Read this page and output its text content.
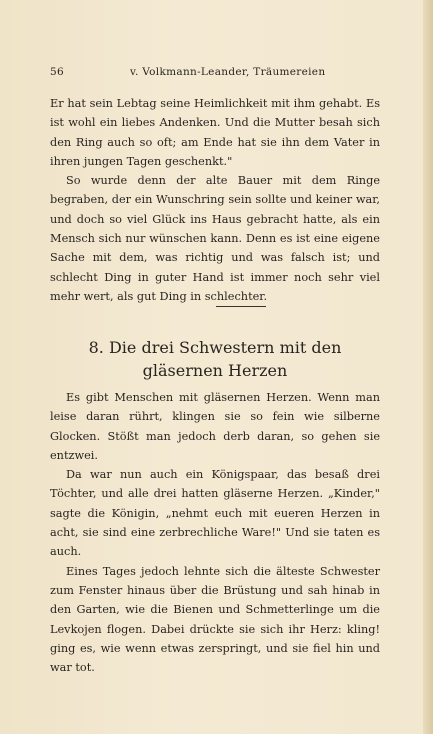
56	v. Volkmann-Leander, Träumereien

Er hat sein Lebtag seine Heimlichkeit mit ihm gehabt. Es ist wohl ein liebes Andenken. Und die Mutter besah sich den Ring auch so oft; am Ende hat sie ihn dem Vater in ihren jungen Tagen geschenkt."

So wurde denn der alte Bauer mit dem Ringe begraben, der ein Wunschring sein sollte und keiner war, und doch so viel Glück ins Haus gebracht hatte, als ein Mensch sich nur wünschen kann. Denn es ist eine eigene Sache mit dem, was richtig und was falsch ist; und schlecht Ding in guter Hand ist immer noch sehr viel mehr wert, als gut Ding in schlechter.

8. Die drei Schwestern mit den
gläsernen Herzen

Es gibt Menschen mit gläsernen Herzen. Wenn man leise daran rührt, klingen sie so fein wie silberne Glocken. Stößt man jedoch derb daran, so gehen sie entzwei.

Da war nun auch ein Königspaar, das besaß drei Töchter, und alle drei hatten gläserne Herzen. „Kinder," sagte die Königin, „nehmt euch mit eueren Herzen in acht, sie sind eine zerbrechliche Ware!" Und sie taten es auch.

Eines Tages jedoch lehnte sich die älteste Schwester zum Fenster hinaus über die Brüstung und sah hinab in den Garten, wie die Bienen und Schmetterlinge um die Levkojen flogen. Dabei drückte sie sich ihr Herz: kling! ging es, wie wenn etwas zerspringt, und sie fiel hin und war tot.
